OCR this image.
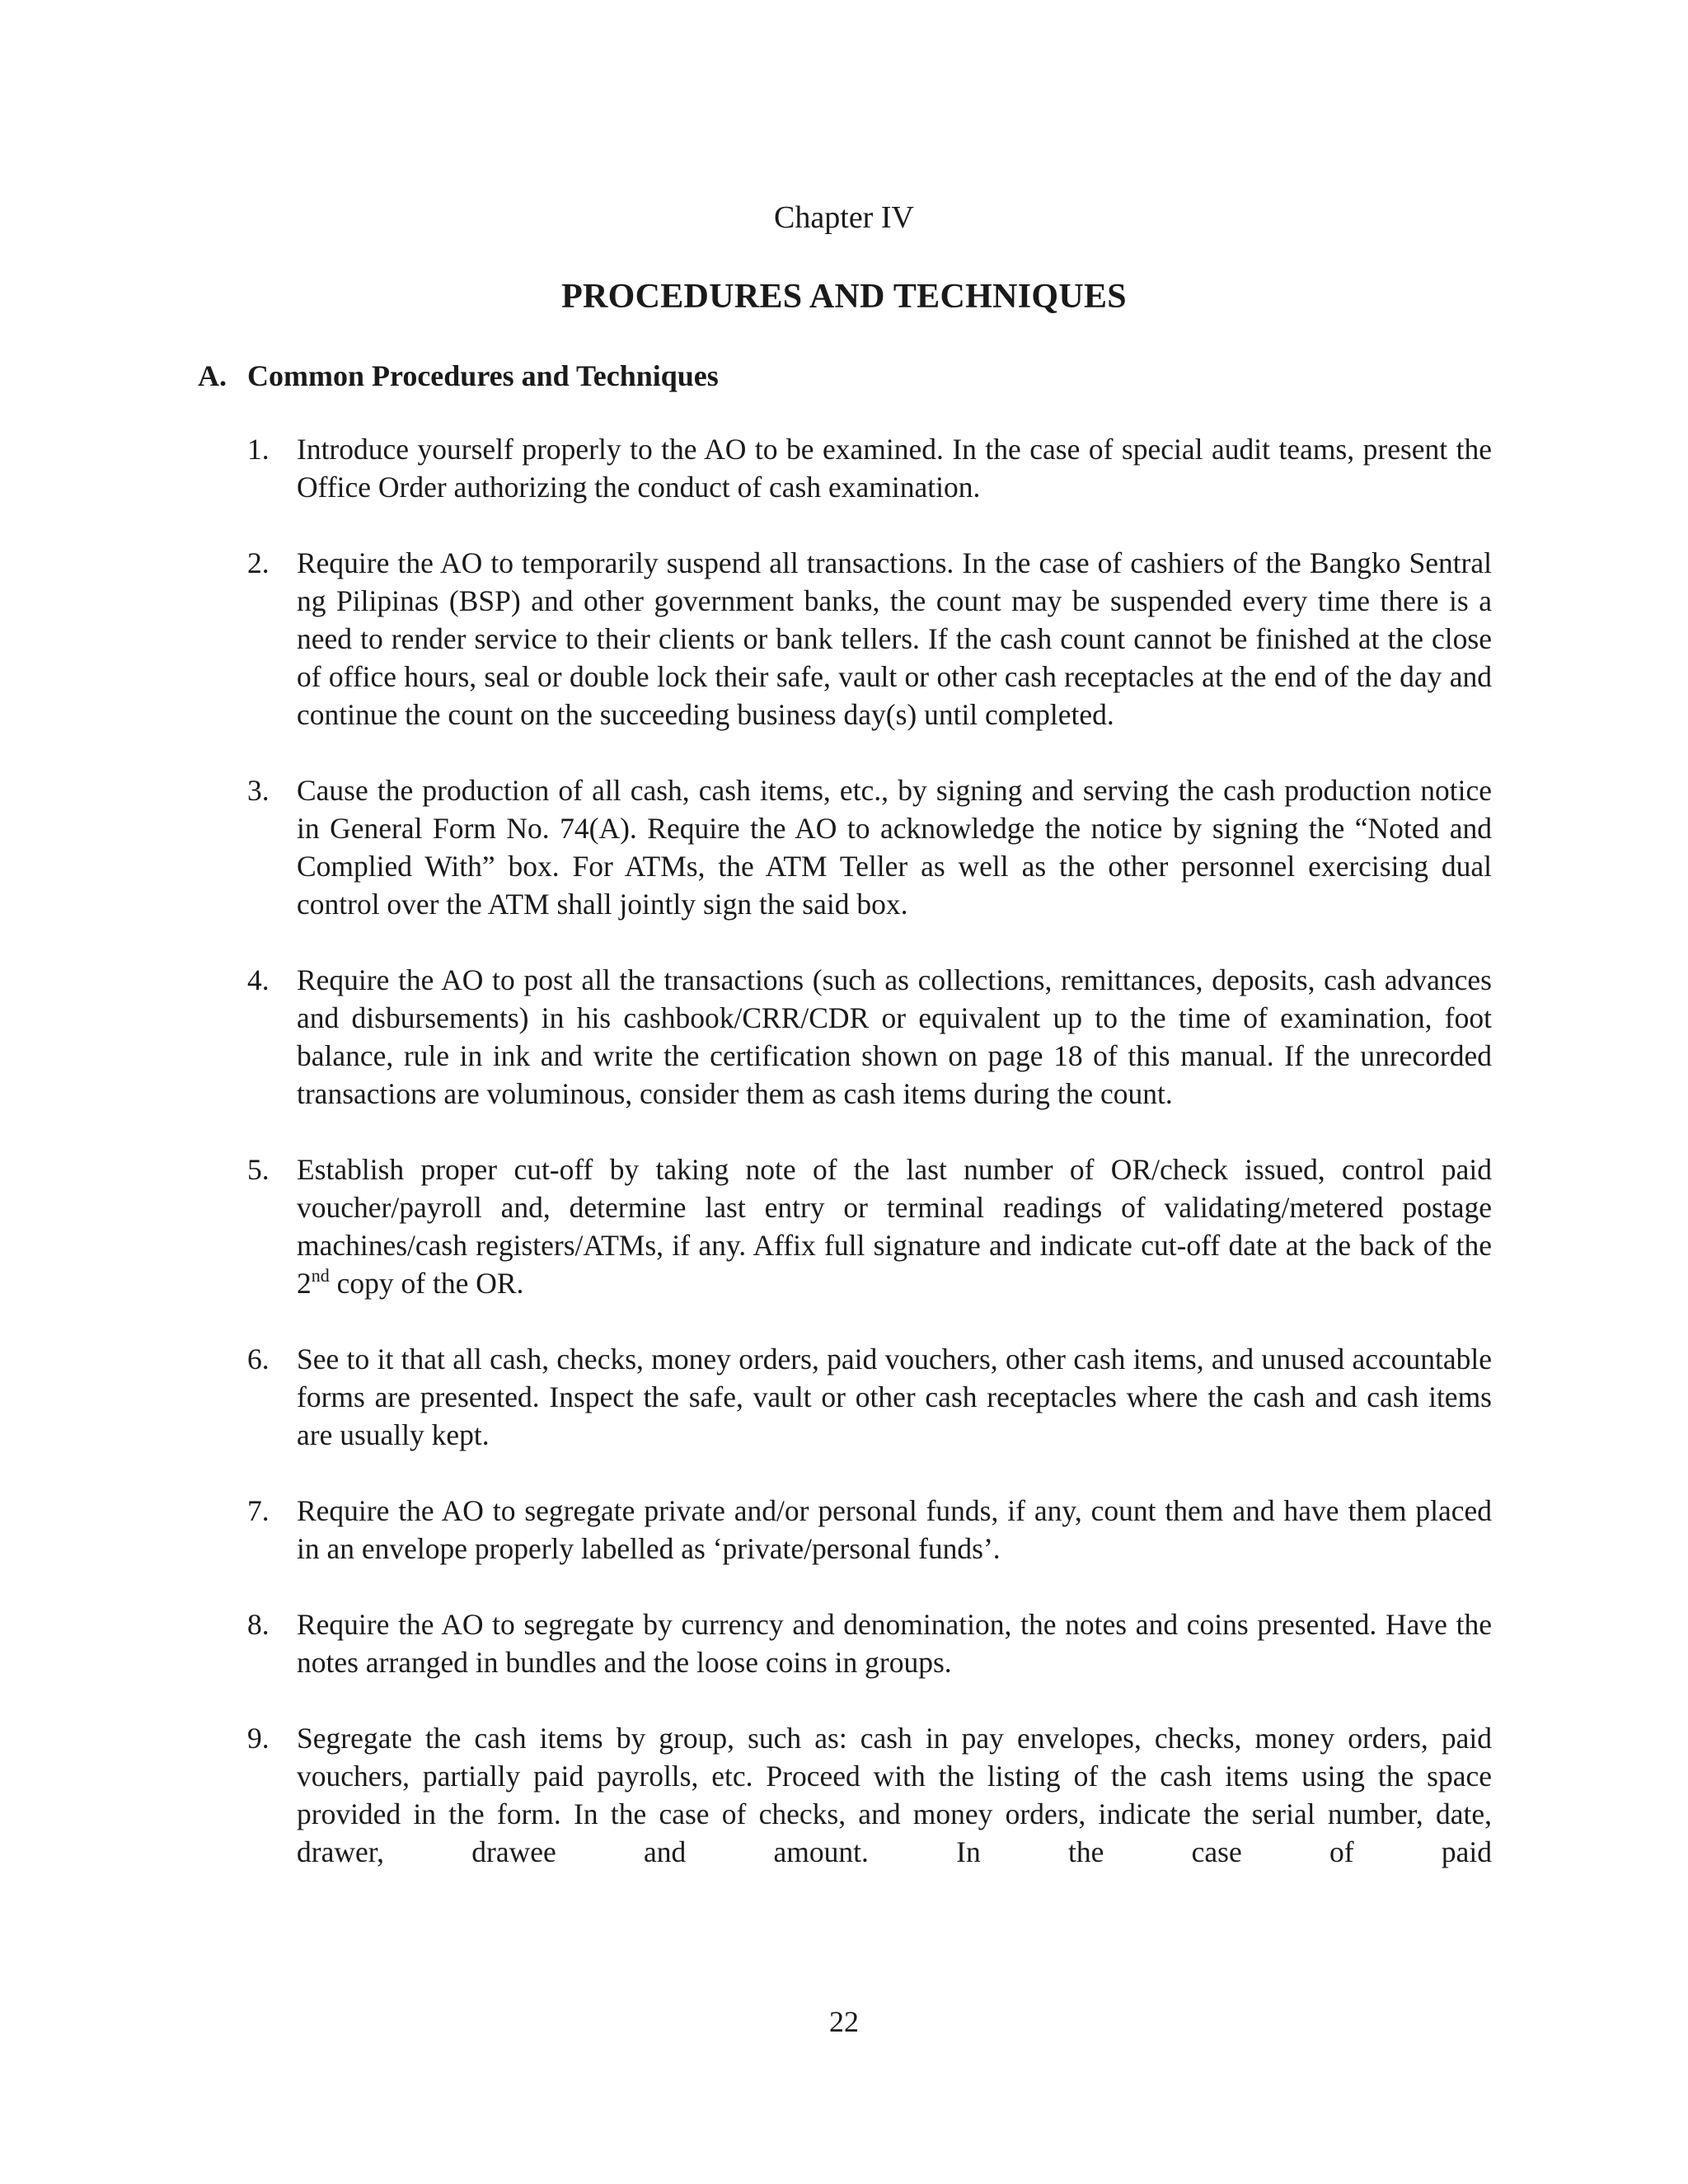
Chapter IV
PROCEDURES AND TECHNIQUES
A. Common Procedures and Techniques
1. Introduce yourself properly to the AO to be examined. In the case of special audit teams, present the Office Order authorizing the conduct of cash examination.
2. Require the AO to temporarily suspend all transactions. In the case of cashiers of the Bangko Sentral ng Pilipinas (BSP) and other government banks, the count may be suspended every time there is a need to render service to their clients or bank tellers. If the cash count cannot be finished at the close of office hours, seal or double lock their safe, vault or other cash receptacles at the end of the day and continue the count on the succeeding business day(s) until completed.
3. Cause the production of all cash, cash items, etc., by signing and serving the cash production notice in General Form No. 74(A). Require the AO to acknowledge the notice by signing the “Noted and Complied With” box. For ATMs, the ATM Teller as well as the other personnel exercising dual control over the ATM shall jointly sign the said box.
4. Require the AO to post all the transactions (such as collections, remittances, deposits, cash advances and disbursements) in his cashbook/CRR/CDR or equivalent up to the time of examination, foot balance, rule in ink and write the certification shown on page 18 of this manual. If the unrecorded transactions are voluminous, consider them as cash items during the count.
5. Establish proper cut-off by taking note of the last number of OR/check issued, control paid voucher/payroll and, determine last entry or terminal readings of validating/metered postage machines/cash registers/ATMs, if any. Affix full signature and indicate cut-off date at the back of the 2nd copy of the OR.
6. See to it that all cash, checks, money orders, paid vouchers, other cash items, and unused accountable forms are presented. Inspect the safe, vault or other cash receptacles where the cash and cash items are usually kept.
7. Require the AO to segregate private and/or personal funds, if any, count them and have them placed in an envelope properly labelled as ‘private/personal funds’.
8. Require the AO to segregate by currency and denomination, the notes and coins presented. Have the notes arranged in bundles and the loose coins in groups.
9. Segregate the cash items by group, such as: cash in pay envelopes, checks, money orders, paid vouchers, partially paid payrolls, etc. Proceed with the listing of the cash items using the space provided in the form. In the case of checks, and money orders, indicate the serial number, date, drawer, drawee and amount. In the case of paid
22
